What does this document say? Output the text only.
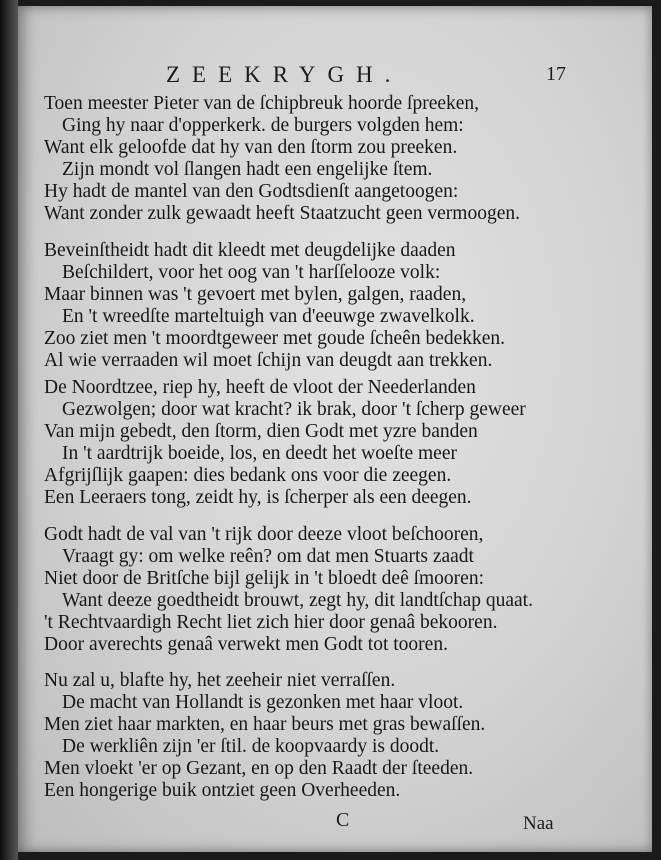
ZEEKRYGH.	17
Toen meester Pieter van de ſchipbreuk hoorde ſpreeken,
Ging hy naar d'opperkerk. de burgers volgden hem:
Want elk geloofde dat hy van den ſtorm zou preeken.
Zijn mondt vol ſlangen hadt een engelijke ſtem.
Hy hadt de mantel van den Godtsdienſt aangetoogen:
Want zonder zulk gewaadt heeft Staatzucht geen vermoogen.
Beveinſtheidt hadt dit kleedt met deugdelijke daaden
Beſchildert, voor het oog van 't harſſelooze volk:
Maar binnen was 't gevoert met bylen, galgen, raaden,
En 't wreedſte marteltuigh van d'eeuwge zwavelkolk.
Zoo ziet men 't moordtgeweer met goude ſcheên bedekken.
Al wie verraaden wil moet ſchijn van deugdt aan trekken.
De Noordtzee, riep hy, heeft de vloot der Neederlanden
Gezwolgen; door wat kracht? ik brak, door 't ſcherp geweer
Van mijn gebedt, den ſtorm, dien Godt met yzre banden
In 't aardtrijk boeide, los, en deedt het woeſte meer
Afgrijſlijk gaapen: dies bedank ons voor die zeegen.
Een Leeraers tong, zeidt hy, is ſcherper als een deegen.
Godt hadt de val van 't rijk door deeze vloot beſchooren,
Vraagt gy: om welke reên? om dat men Stuarts zaadt
Niet door de Britſche bijl gelijk in 't bloedt deê ſmooren:
Want deeze goedtheidt brouwt, zegt hy, dit landtſchap quaat.
't Rechtvaardigh Recht liet zich hier door genaâ bekooren.
Door averechts genaâ verwekt men Godt tot tooren.
Nu zal u, blafte hy, het zeeheir niet verraſſen.
De macht van Hollandt is gezonken met haar vloot.
Men ziet haar markten, en haar beurs met gras bewaſſen.
De werkliên zijn 'er ſtil. de koopvaardy is doodt.
Men vloekt 'er op Gezant, en op den Raadt der ſteeden.
Een hongerige buik ontziet geen Overheeden.
C	Naa
